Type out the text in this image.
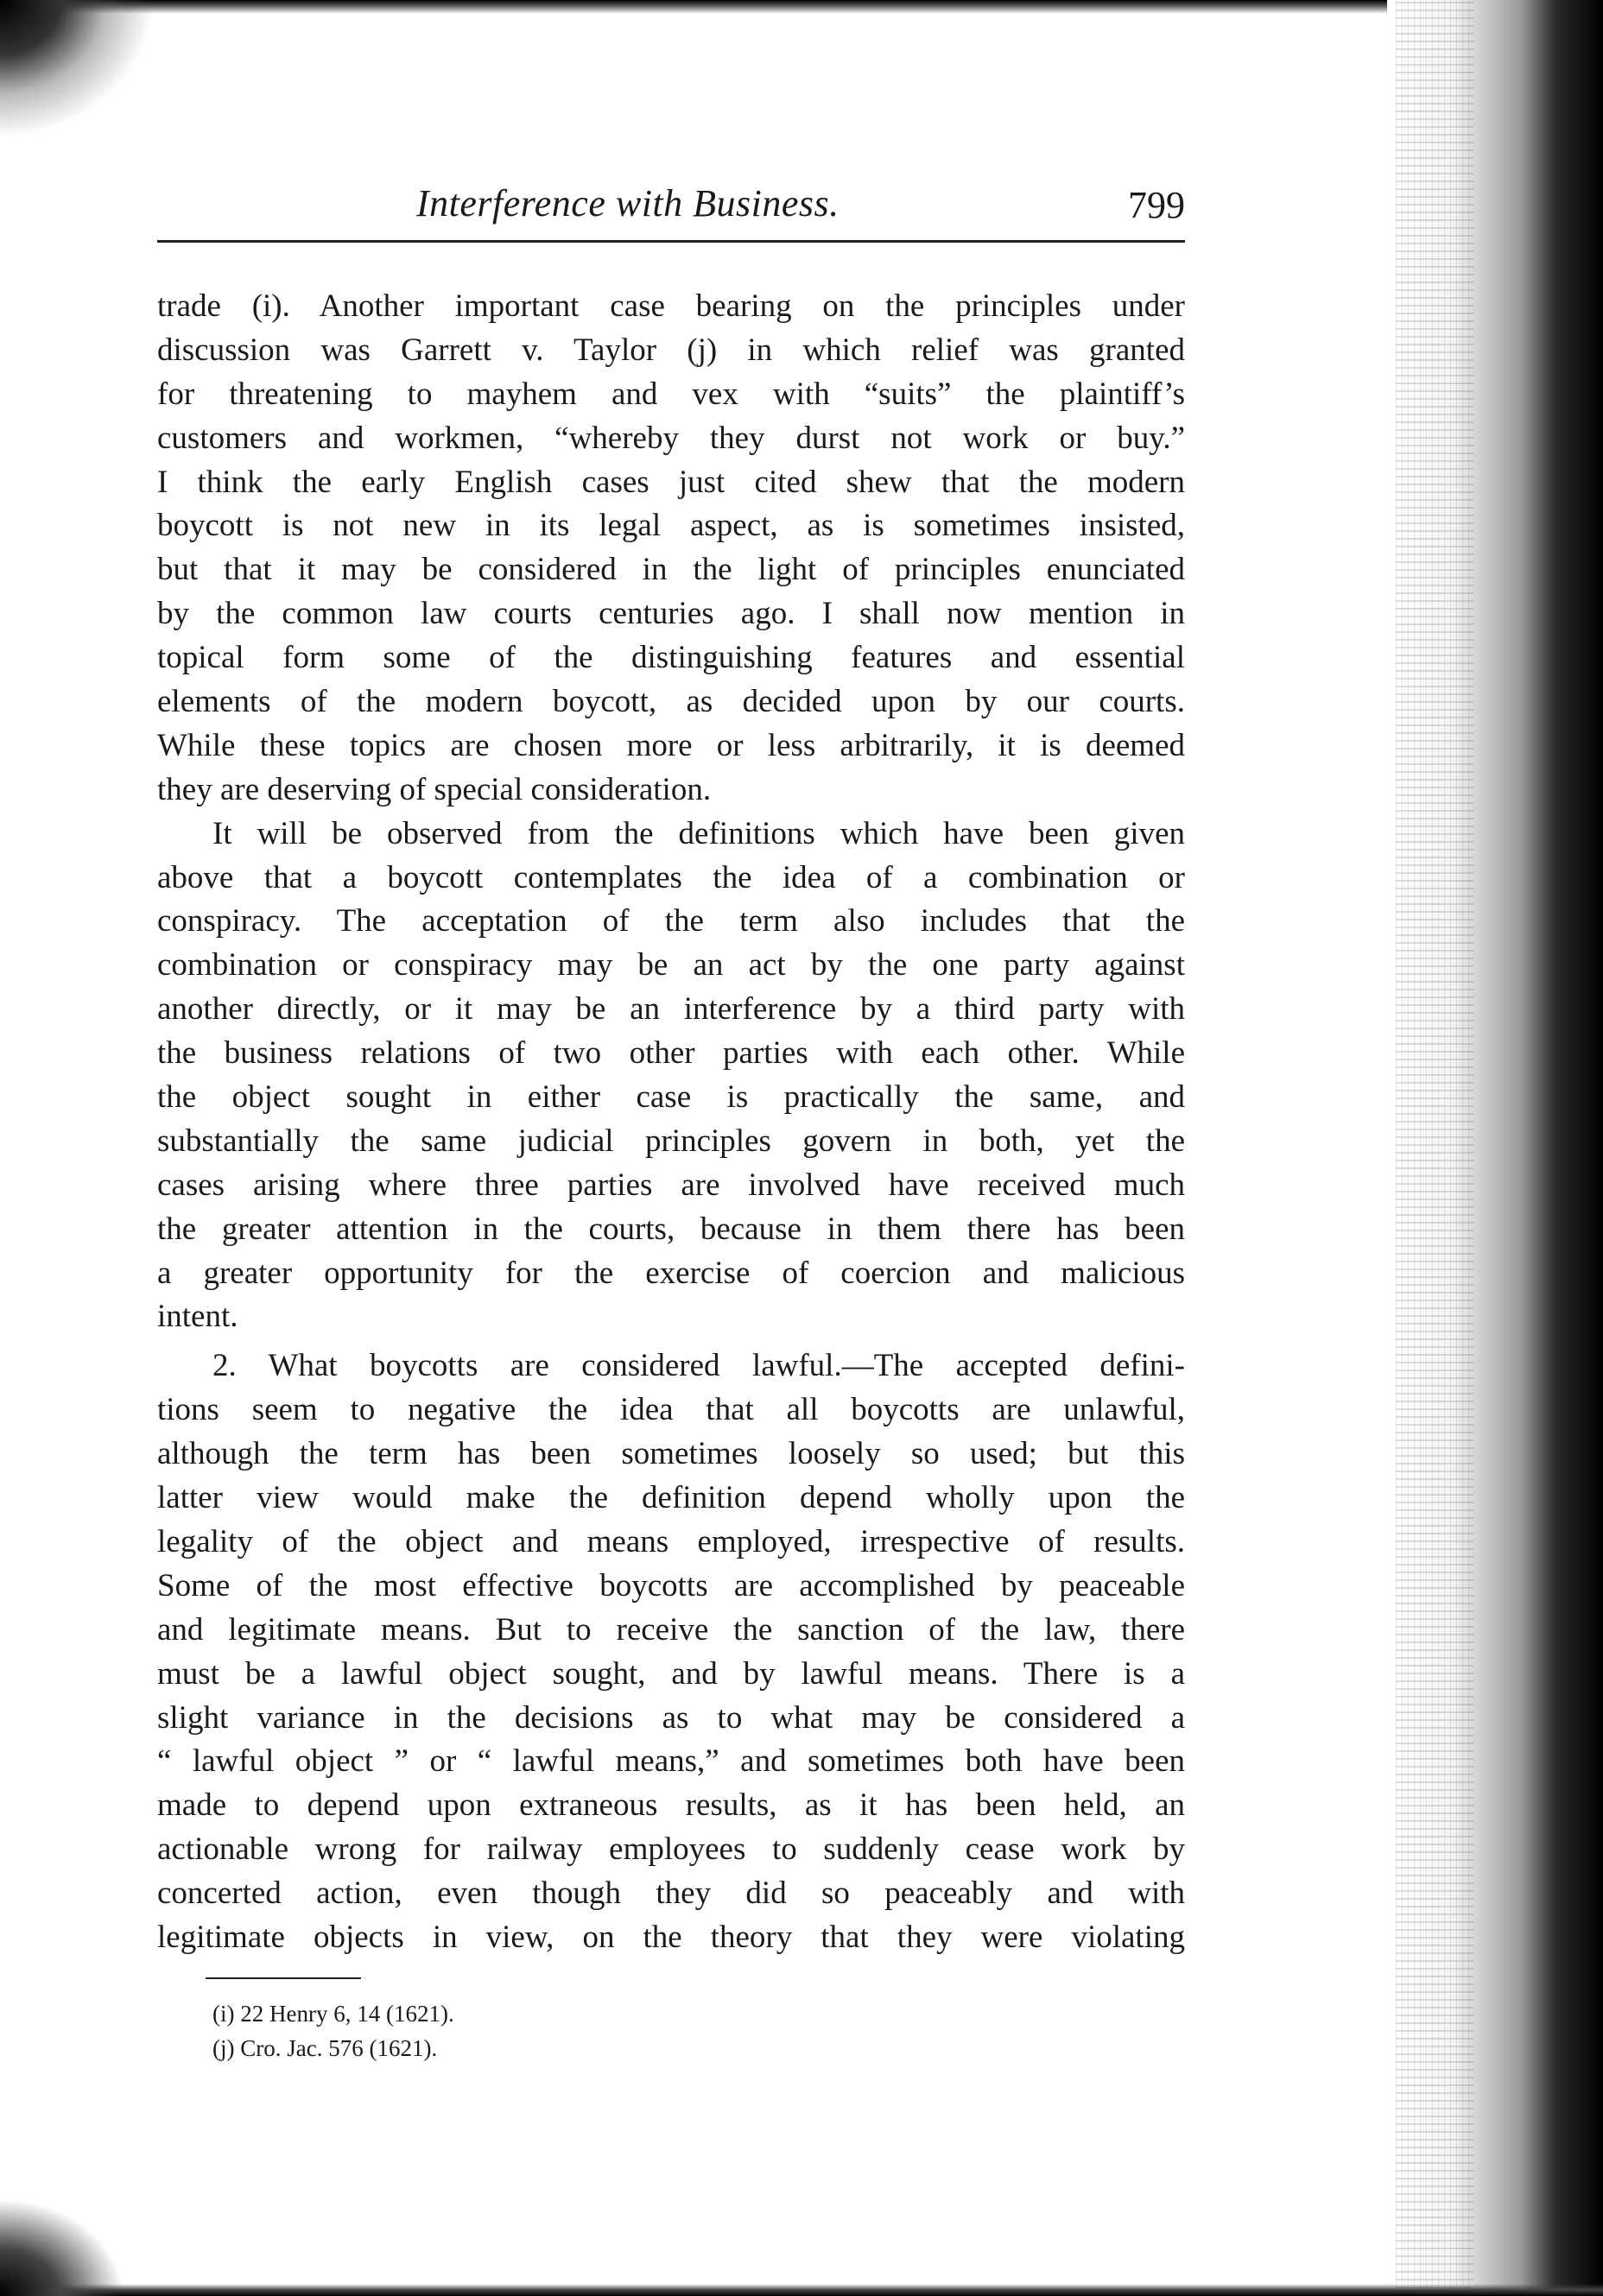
Interference with Business.	799
trade (i). Another important case bearing on the principles under
discussion was Garrett v. Taylor (j) in which relief was granted
for threatening to mayhem and vex with “suits” the plaintiff’s
customers and workmen, “whereby they durst not work or buy.”
I think the early English cases just cited shew that the modern
boycott is not new in its legal aspect, as is sometimes insisted,
but that it may be considered in the light of principles enunciated
by the common law courts centuries ago. I shall now mention in
topical form some of the distinguishing features and essential
elements of the modern boycott, as decided upon by our courts.
While these topics are chosen more or less arbitrarily, it is deemed
they are deserving of special consideration.
It will be observed from the definitions which have been given
above that a boycott contemplates the idea of a combination or
conspiracy. The acceptation of the term also includes that the
combination or conspiracy may be an act by the one party against
another directly, or it may be an interference by a third party with
the business relations of two other parties with each other. While
the object sought in either case is practically the same, and
substantially the same judicial principles govern in both, yet the
cases arising where three parties are involved have received much
the greater attention in the courts, because in them there has been
a greater opportunity for the exercise of coercion and malicious
intent.
2. What boycotts are considered lawful.—The accepted defini-
tions seem to negative the idea that all boycotts are unlawful,
although the term has been sometimes loosely so used; but this
latter view would make the definition depend wholly upon the
legality of the object and means employed, irrespective of results.
Some of the most effective boycotts are accomplished by peaceable
and legitimate means. But to receive the sanction of the law, there
must be a lawful object sought, and by lawful means. There is a
slight variance in the decisions as to what may be considered a
“ lawful object ” or “ lawful means,” and sometimes both have been
made to depend upon extraneous results, as it has been held, an
actionable wrong for railway employees to suddenly cease work by
concerted action, even though they did so peaceably and with
legitimate objects in view, on the theory that they were violating
(i) 22 Henry 6, 14 (1621).
(j) Cro. Jac. 576 (1621).
